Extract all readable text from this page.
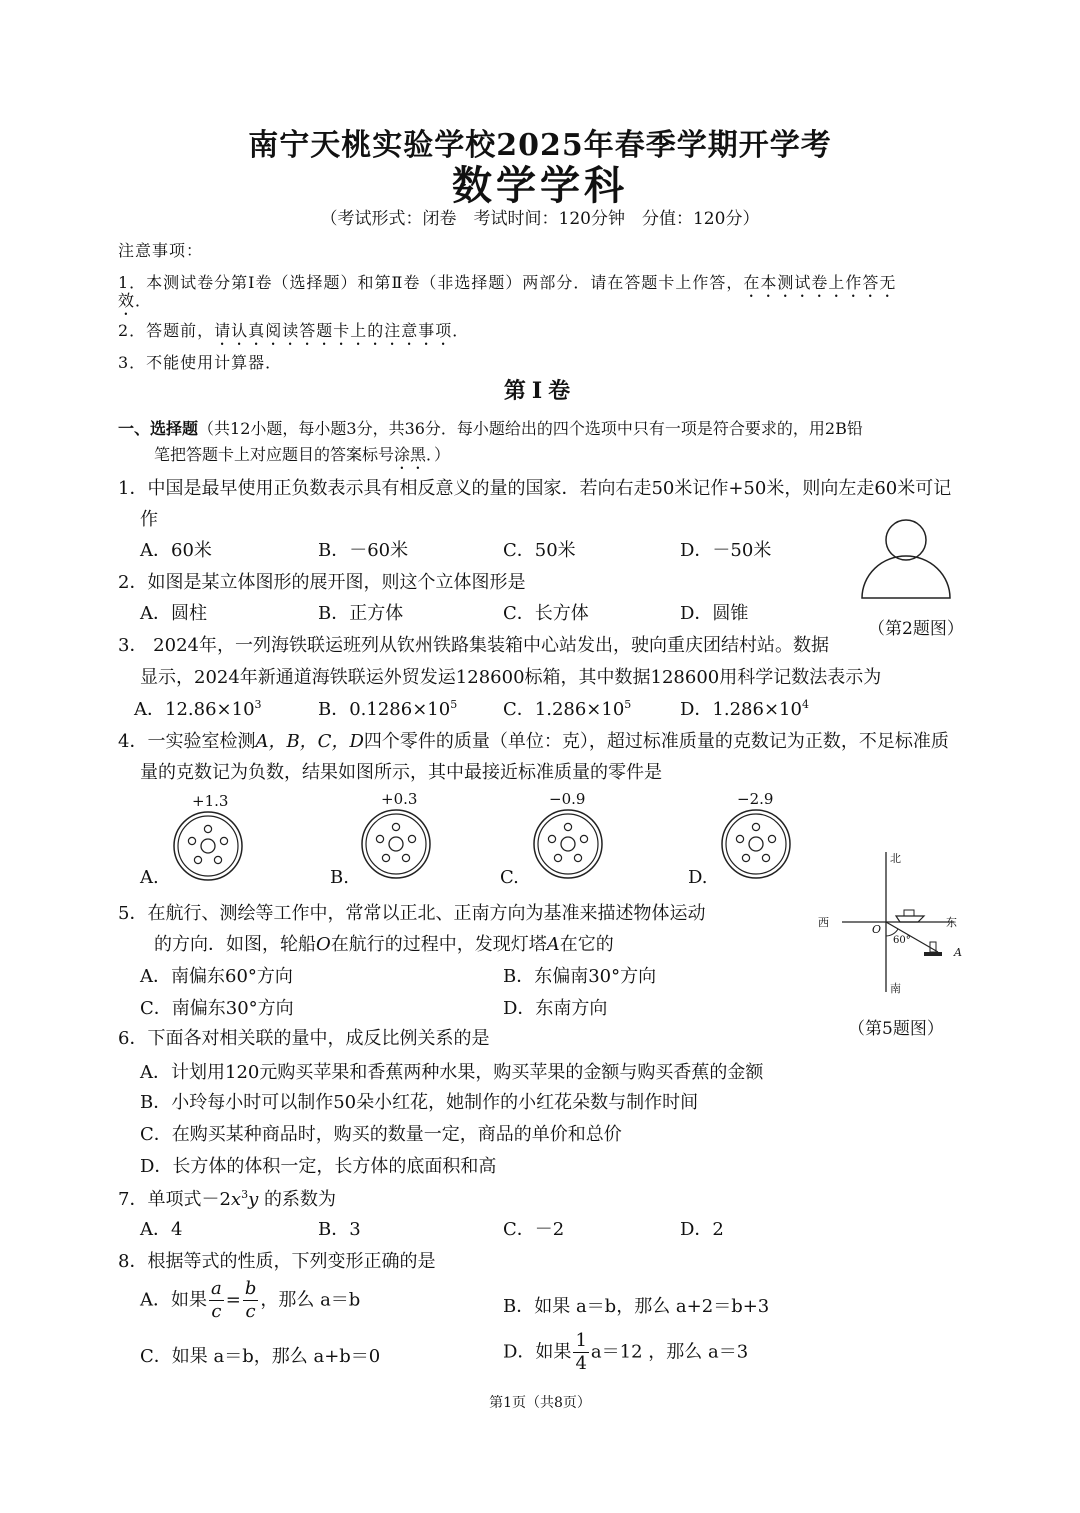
南宁天桃实验学校2025年春季学期开学考
数学学科
（考试形式：闭卷　考试时间：120分钟　分值：120分）
注意事项：
1．本测试卷分第Ⅰ卷（选择题）和第Ⅱ卷（非选择题）两部分．请在答题卡上作答，在本测试卷上作答无
效．
2．答题前，请认真阅读答题卡上的注意事项．
3．不能使用计算器．
第Ⅰ卷
一、选择题（共12小题，每小题3分，共36分．每小题给出的四个选项中只有一项是符合要求的，用2B铅
笔把答题卡上对应题目的答案标号涂黑．）
1．中国是最早使用正负数表示具有相反意义的量的国家．若向右走50米记作+50米，则向左走60米可记
作
A．60米	B．－60米	C．50米	D．－50米
（第2题图）
2．如图是某立体图形的展开图，则这个立体图形是
A．圆柱	B．正方体	C．长方体	D．圆锥
3． 2024年，一列海铁联运班列从钦州铁路集装箱中心站发出，驶向重庆团结村站。数据
显示，2024年新通道海铁联运外贸发运128600标箱，其中数据128600用科学记数法表示为
A．$12.86\times 10^3$	B．$0.1286\times 10^5$	C．$1.286\times 10^5$	D．$1.286\times 10^4$
4．一实验室检测A，B，C，D四个零件的质量（单位：克），超过标准质量的克数记为正数，不足标准质
量的克数记为负数，结果如图所示，其中最接近标准质量的零件是
+1.3	+0.3	−0.9	−2.9
A.	B.	C.	D.
北
南
西	东
O
60°
A
（第5题图）
5．在航行、测绘等工作中，常常以正北、正南方向为基准来描述物体运动
的方向．如图，轮船O在航行的过程中，发现灯塔A在它的
A．南偏东60°方向	B．东偏南30°方向
C．南偏东30°方向	D．东南方向
6．下面各对相关联的量中，成反比例关系的是
A．计划用120元购买苹果和香蕉两种水果，购买苹果的金额与购买香蕉的金额
B．小玲每小时可以制作50朵小红花，她制作的小红花朵数与制作时间
C．在购买某种商品时，购买的数量一定，商品的单价和总价
D．长方体的体积一定，长方体的底面积和高
7．单项式$-2x^3y$ 的系数为
A．4	B．3	C．－2	D．2
8．根据等式的性质，下列变形正确的是
A．如果 $\frac{a}{c} = \frac{b}{c}$ ，那么 a＝b	B．如果 a＝b，那么 a+2＝b+3
C．如果 a＝b，那么 a+b＝0	D．如果 $\frac{1}{4} a=12$ ，那么 a＝3
第1页（共8页）
